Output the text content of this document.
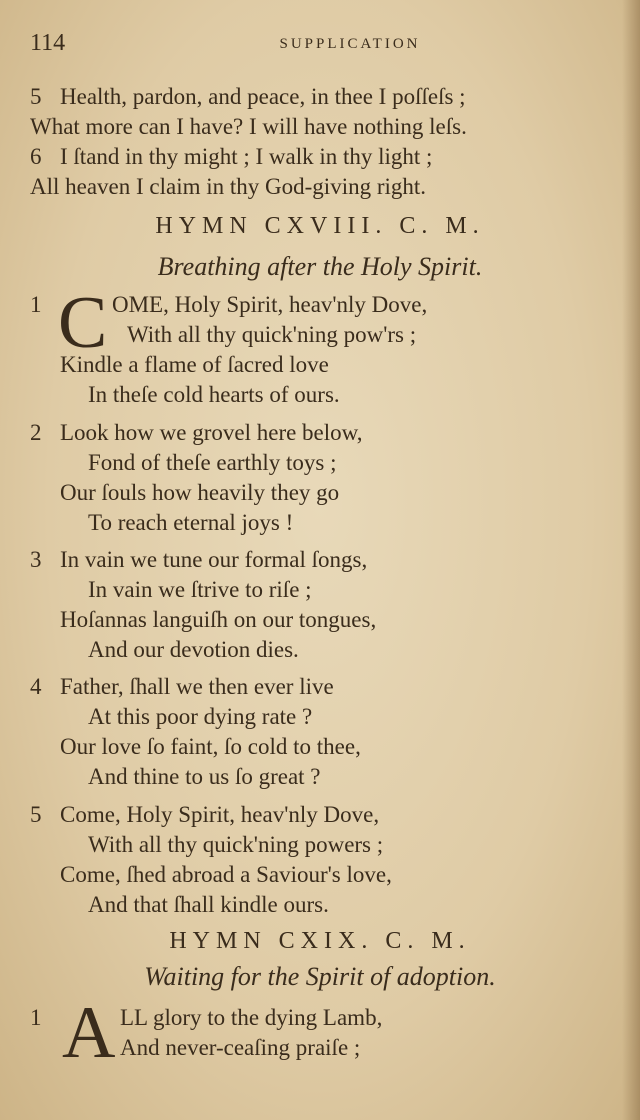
114	SUPPLICATION
5 Health, pardon, and peace, in thee I poſſeſs ;
What more can I have? I will have nothing leſs.
6 I ſtand in thy might ; I walk in thy light ;
All heaven I claim in thy God-giving right.
HYMN CXVIII. C. M.
Breathing after the Holy Spirit.
1 C OME, Holy Spirit, heav'nly Dove,
With all thy quick'ning pow'rs ;
Kindle a flame of ſacred love
In theſe cold hearts of ours.
2 Look how we grovel here below,
Fond of theſe earthly toys ;
Our ſouls how heavily they go
To reach eternal joys !
3 In vain we tune our formal ſongs,
In vain we ſtrive to riſe ;
Hoſannas languiſh on our tongues,
And our devotion dies.
4 Father, ſhall we then ever live
At this poor dying rate ?
Our love ſo faint, ſo cold to thee,
And thine to us ſo great ?
5 Come, Holy Spirit, heav'nly Dove,
With all thy quick'ning powers ;
Come, ſhed abroad a Saviour's love,
And that ſhall kindle ours.
HYMN CXIX. C. M.
Waiting for the Spirit of adoption.
1 A LL glory to the dying Lamb,
And never-ceaſing praiſe ;
